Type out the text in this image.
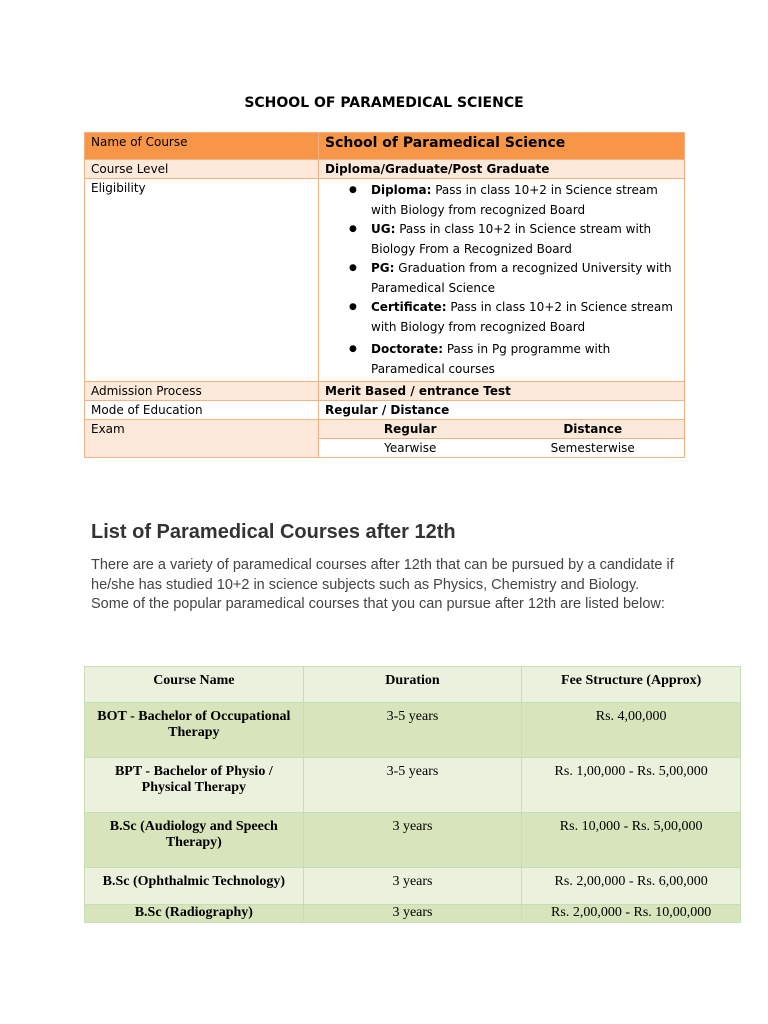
SCHOOL OF PARAMEDICAL SCIENCE
Name of Course	School of Paramedical Science
Course Level	Diploma/Graduate/Post Graduate
Eligibility	
●Diploma: Pass in class 10+2 in Science stream with Biology from recognized Board
● UG: Pass in class 10+2 in Science stream with Biology From a Recognized Board
● PG: Graduation from a recognized University with Paramedical Science
● Certificate: Pass in class 10+2 in Science stream with Biology from recognized Board
● Doctorate: Pass in Pg programme with Paramedical courses

Admission Process	Merit Based / entrance Test
Mode of Education	Regular / Distance
Exam		Regular	Distance
Yearwise	Semesterwise
List of Paramedical Courses after 12th
There are a variety of paramedical courses after 12th that can be pursued by a candidate if he/she has studied 10+2 in science subjects such as Physics, Chemistry and Biology. Some of the popular paramedical courses that you can pursue after 12th are listed below:
Course Name	Duration	Fee Structure (Approx)
BOT - Bachelor of Occupational Therapy	3-5 years	Rs. 4,00,000
BPT - Bachelor of Physio / Physical Therapy	3-5 years	Rs. 1,00,000 - Rs. 5,00,000
B.Sc (Audiology and Speech Therapy)	3 years	Rs. 10,000 - Rs. 5,00,000
B.Sc (Ophthalmic Technology)	3 years	Rs. 2,00,000 - Rs. 6,00,000
B.Sc (Radiography)	3 years	Rs. 2,00,000 - Rs. 10,00,000
